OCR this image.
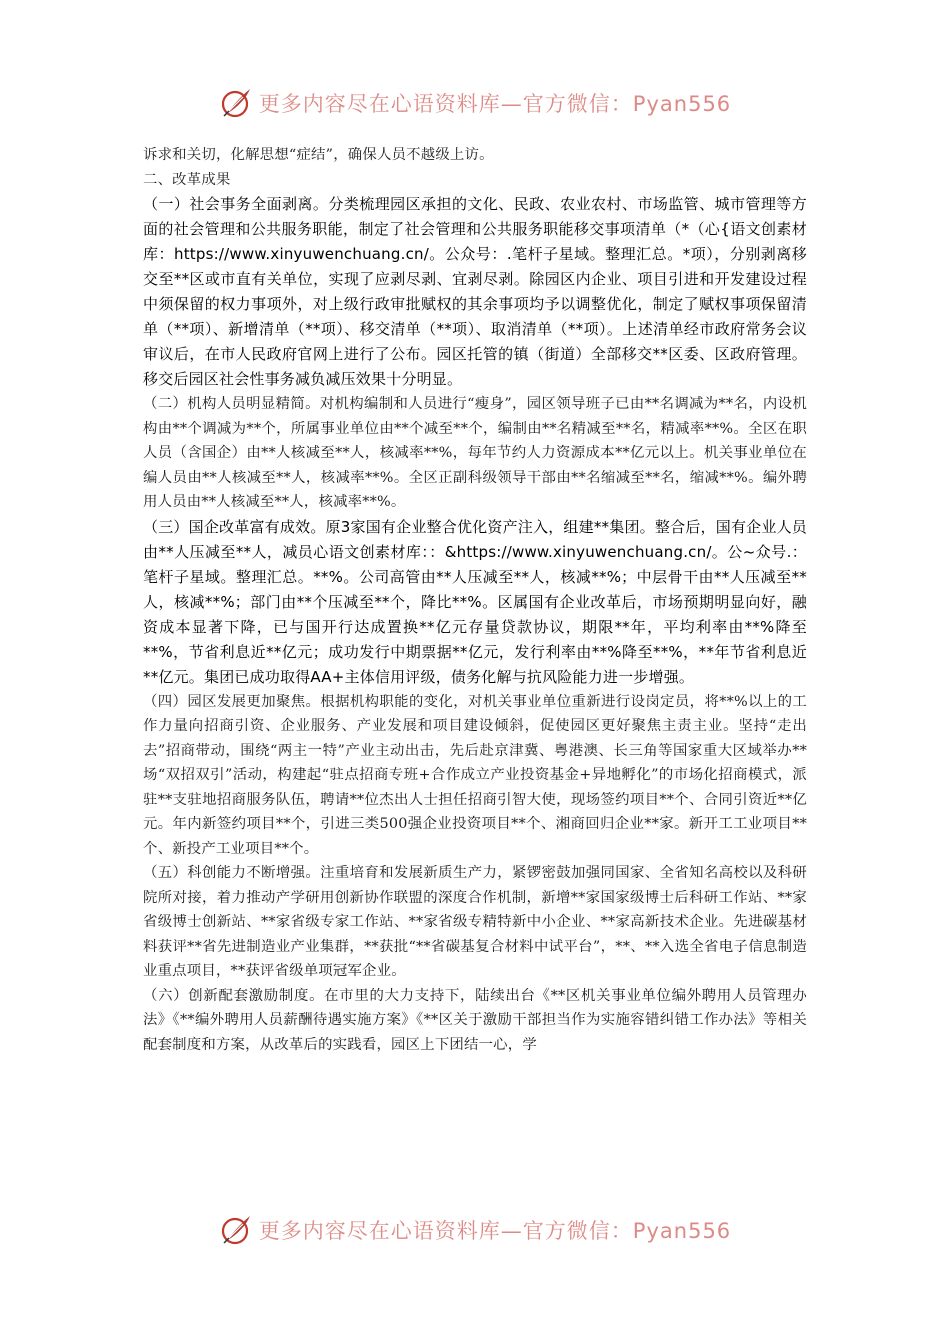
更多内容尽在心语资料库—官方微信：Pyan556

诉求和关切，化解思想“症结”，确保人员不越级上访。

二、改革成果

（一）社会事务全面剥离。分类梳理园区承担的文化、民政、农业农村、市场监管、城市管理等方面的社会管理和公共服务职能，制定了社会管理和公共服务职能移交事项清单（*（心{语文创素材库：https://www.xinyuwenchuang.cn/。公众号：.笔杆子星域。整理汇总。*项），分别剥离移交至**区或市直有关单位，实现了应剥尽剥、宜剥尽剥。除园区内企业、项目引进和开发建设过程中须保留的权力事项外，对上级行政审批赋权的其余事项均予以调整优化，制定了赋权事项保留清单（**项）、新增清单（**项）、移交清单（**项）、取消清单（**项）。上述清单经市政府常务会议审议后，在市人民政府官网上进行了公布。园区托管的镇（街道）全部移交**区委、区政府管理。移交后园区社会性事务减负减压效果十分明显。

（二）机构人员明显精简。对机构编制和人员进行“瘦身”，园区领导班子已由**名调减为**名，内设机构由**个调减为**个，所属事业单位由**个减至**个，编制由**名精减至**名，精减率**%。全区在职人员（含国企）由**人核减至**人，核减率**%，每年节约人力资源成本**亿元以上。机关事业单位在编人员由**人核减至**人，核减率**%。全区正副科级领导干部由**名缩减至**名，缩减**%。编外聘用人员由**人核减至**人，核减率**%。

（三）国企改革富有成效。原3家国有企业整合优化资产注入，组建**集团。整合后，国有企业人员由**人压减至**人，减员心语文创素材库：：&https://www.xinyuwenchuang.cn/。公~众号.：笔杆子星域。整理汇总。**%。公司高管由**人压减至**人，核减**%；中层骨干由**人压减至**人，核减**%；部门由**个压减至**个，降比**%。区属国有企业改革后，市场预期明显向好，融资成本显著下降，已与国开行达成置换**亿元存量贷款协议，期限**年，平均利率由**%降至**%，节省利息近**亿元；成功发行中期票据**亿元，发行利率由**%降至**%，**年节省利息近**亿元。集团已成功取得AA+主体信用评级，债务化解与抗风险能力进一步增强。

（四）园区发展更加聚焦。根据机构职能的变化，对机关事业单位重新进行设岗定员，将**%以上的工作力量向招商引资、企业服务、产业发展和项目建设倾斜，促使园区更好聚焦主责主业。坚持“走出去”招商带动，围绕“两主一特”产业主动出击，先后赴京津冀、粤港澳、长三角等国家重大区域举办**场“双招双引”活动，构建起“驻点招商专班+合作成立产业投资基金+异地孵化”的市场化招商模式，派驻**支驻地招商服务队伍，聘请**位杰出人士担任招商引智大使，现场签约项目**个、合同引资近**亿元。年内新签约项目**个，引进三类500强企业投资项目**个、湘商回归企业**家。新开工工业项目**个、新投产工业项目**个。

（五）科创能力不断增强。注重培育和发展新质生产力，紧锣密鼓加强同国家、全省知名高校以及科研院所对接，着力推动产学研用创新协作联盟的深度合作机制，新增**家国家级博士后科研工作站、**家省级博士创新站、**家省级专家工作站、**家省级专精特新中小企业、**家高新技术企业。先进碳基材料获评**省先进制造业产业集群，**获批“**省碳基复合材料中试平台”，**、**入选全省电子信息制造业重点项目，**获评省级单项冠军企业。

（六）创新配套激励制度。在市里的大力支持下，陆续出台《**区机关事业单位编外聘用人员管理办法》《**编外聘用人员薪酬待遇实施方案》《**区关于激励干部担当作为实施容错纠错工作办法》等相关配套制度和方案，从改革后的实践看，园区上下团结一心，学

更多内容尽在心语资料库—官方微信：Pyan556
